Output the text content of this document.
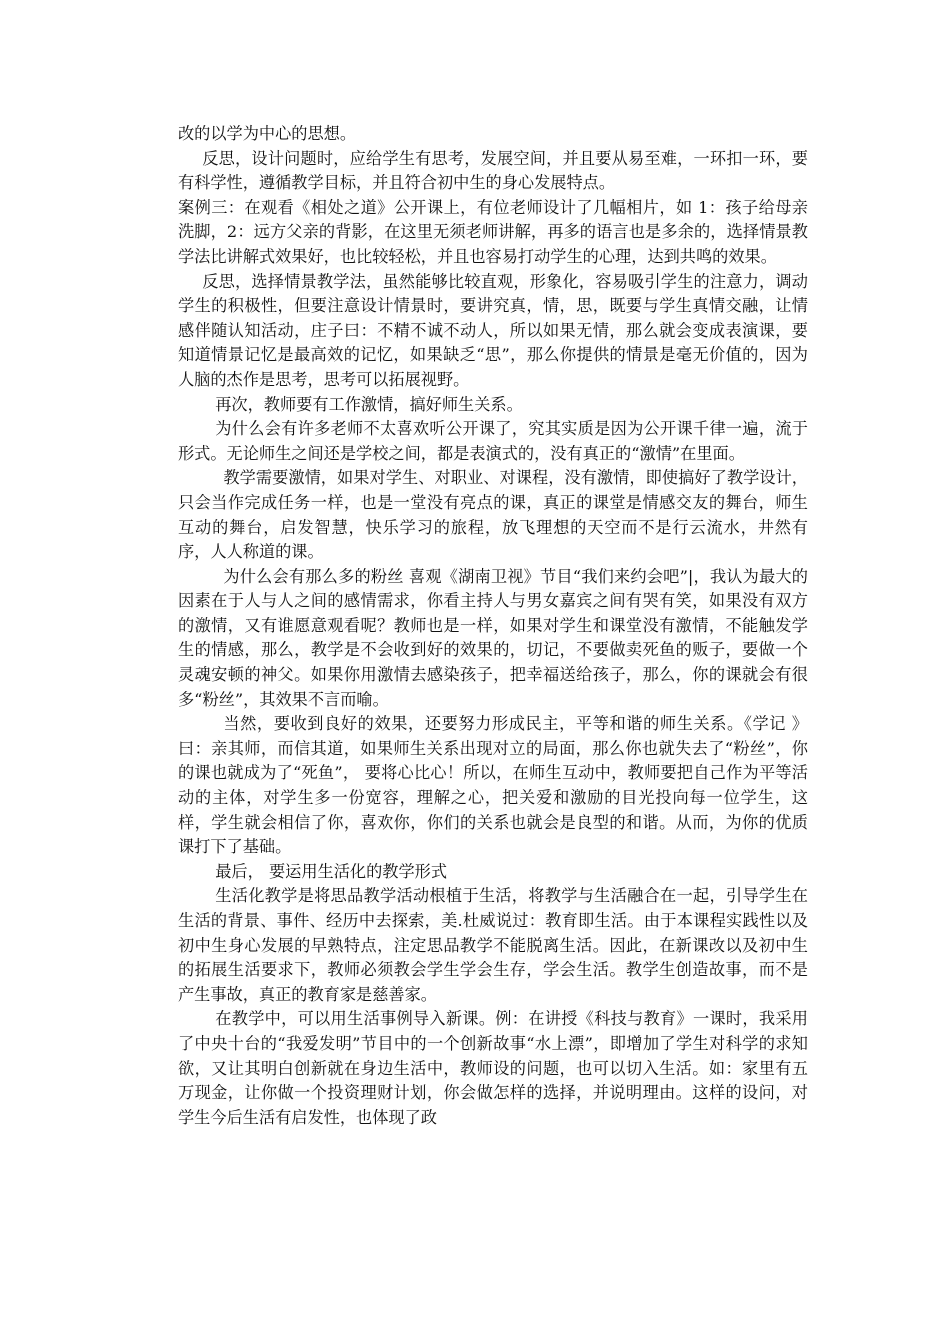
改的以学为中心的思想。

反思，设计问题时，应给学生有思考，发展空间，并且要从易至难，一环扣一环，要有科学性，遵循教学目标，并且符合初中生的身心发展特点。

案例三：在观看《相处之道》公开课上，有位老师设计了几幅相片，如 1：孩子给母亲洗脚，2：远方父亲的背影，在这里无须老师讲解，再多的语言也是多余的，选择情景教学法比讲解式效果好，也比较轻松，并且也容易打动学生的心理，达到共鸣的效果。

反思，选择情景教学法，虽然能够比较直观，形象化，容易吸引学生的注意力，调动学生的积极性，但要注意设计情景时，要讲究真，情，思，既要与学生真情交融，让情感伴随认知活动，庄子曰：不精不诚不动人，所以如果无情，那么就会变成表演课，要知道情景记忆是最高效的记忆，如果缺乏“思”，那么你提供的情景是毫无价值的，因为人脑的杰作是思考，思考可以拓展视野。

再次，教师要有工作激情，搞好师生关系。

为什么会有许多老师不太喜欢听公开课了，究其实质是因为公开课千律一遍，流于形式。无论师生之间还是学校之间，都是表演式的，没有真正的“激情”在里面。

教学需要激情，如果对学生、对职业、对课程，没有激情，即使搞好了教学设计，只会当作完成任务一样，也是一堂没有亮点的课，真正的课堂是情感交友的舞台，师生互动的舞台，启发智慧，快乐学习的旅程，放飞理想的天空而不是行云流水，井然有序，人人称道的课。

为什么会有那么多的粉丝 喜观《湖南卫视》节目“我们来约会吧”|，我认为最大的因素在于人与人之间的感情需求，你看主持人与男女嘉宾之间有哭有笑，如果没有双方的激情，又有谁愿意观看呢？教师也是一样，如果对学生和课堂没有激情，不能触发学生的情感，那么，教学是不会收到好的效果的，切记，不要做卖死鱼的贩子，要做一个灵魂安顿的神父。如果你用激情去感染孩子，把幸福送给孩子，那么，你的课就会有很多“粉丝”，其效果不言而喻。

当然，要收到良好的效果，还要努力形成民主，平等和谐的师生关系。《学记 》曰：亲其师，而信其道，如果师生关系出现对立的局面，那么你也就失去了“粉丝”，你的课也就成为了“死鱼”， 要将心比心！所以，在师生互动中，教师要把自己作为平等活动的主体，对学生多一份宽容，理解之心，把关爱和激励的目光投向每一位学生，这样，学生就会相信了你，喜欢你，你们的关系也就会是良型的和谐。从而，为你的优质课打下了基础。

最后， 要运用生活化的教学形式

生活化教学是将思品教学活动根植于生活，将教学与生活融合在一起，引导学生在生活的背景、事件、经历中去探索，美.杜威说过：教育即生活。由于本课程实践性以及初中生身心发展的早熟特点，注定思品教学不能脱离生活。因此，在新课改以及初中生的拓展生活要求下，教师必须教会学生学会生存，学会生活。教学生创造故事，而不是产生事故，真正的教育家是慈善家。

在教学中，可以用生活事例导入新课。例：在讲授《科技与教育》一课时，我采用了中央十台的“我爱发明”节目中的一个创新故事“水上漂”，即增加了学生对科学的求知欲，又让其明白创新就在身边生活中，教师设的问题，也可以切入生活。如：家里有五万现金，让你做一个投资理财计划，你会做怎样的选择，并说明理由。这样的设问，对学生今后生活有启发性，也体现了政
